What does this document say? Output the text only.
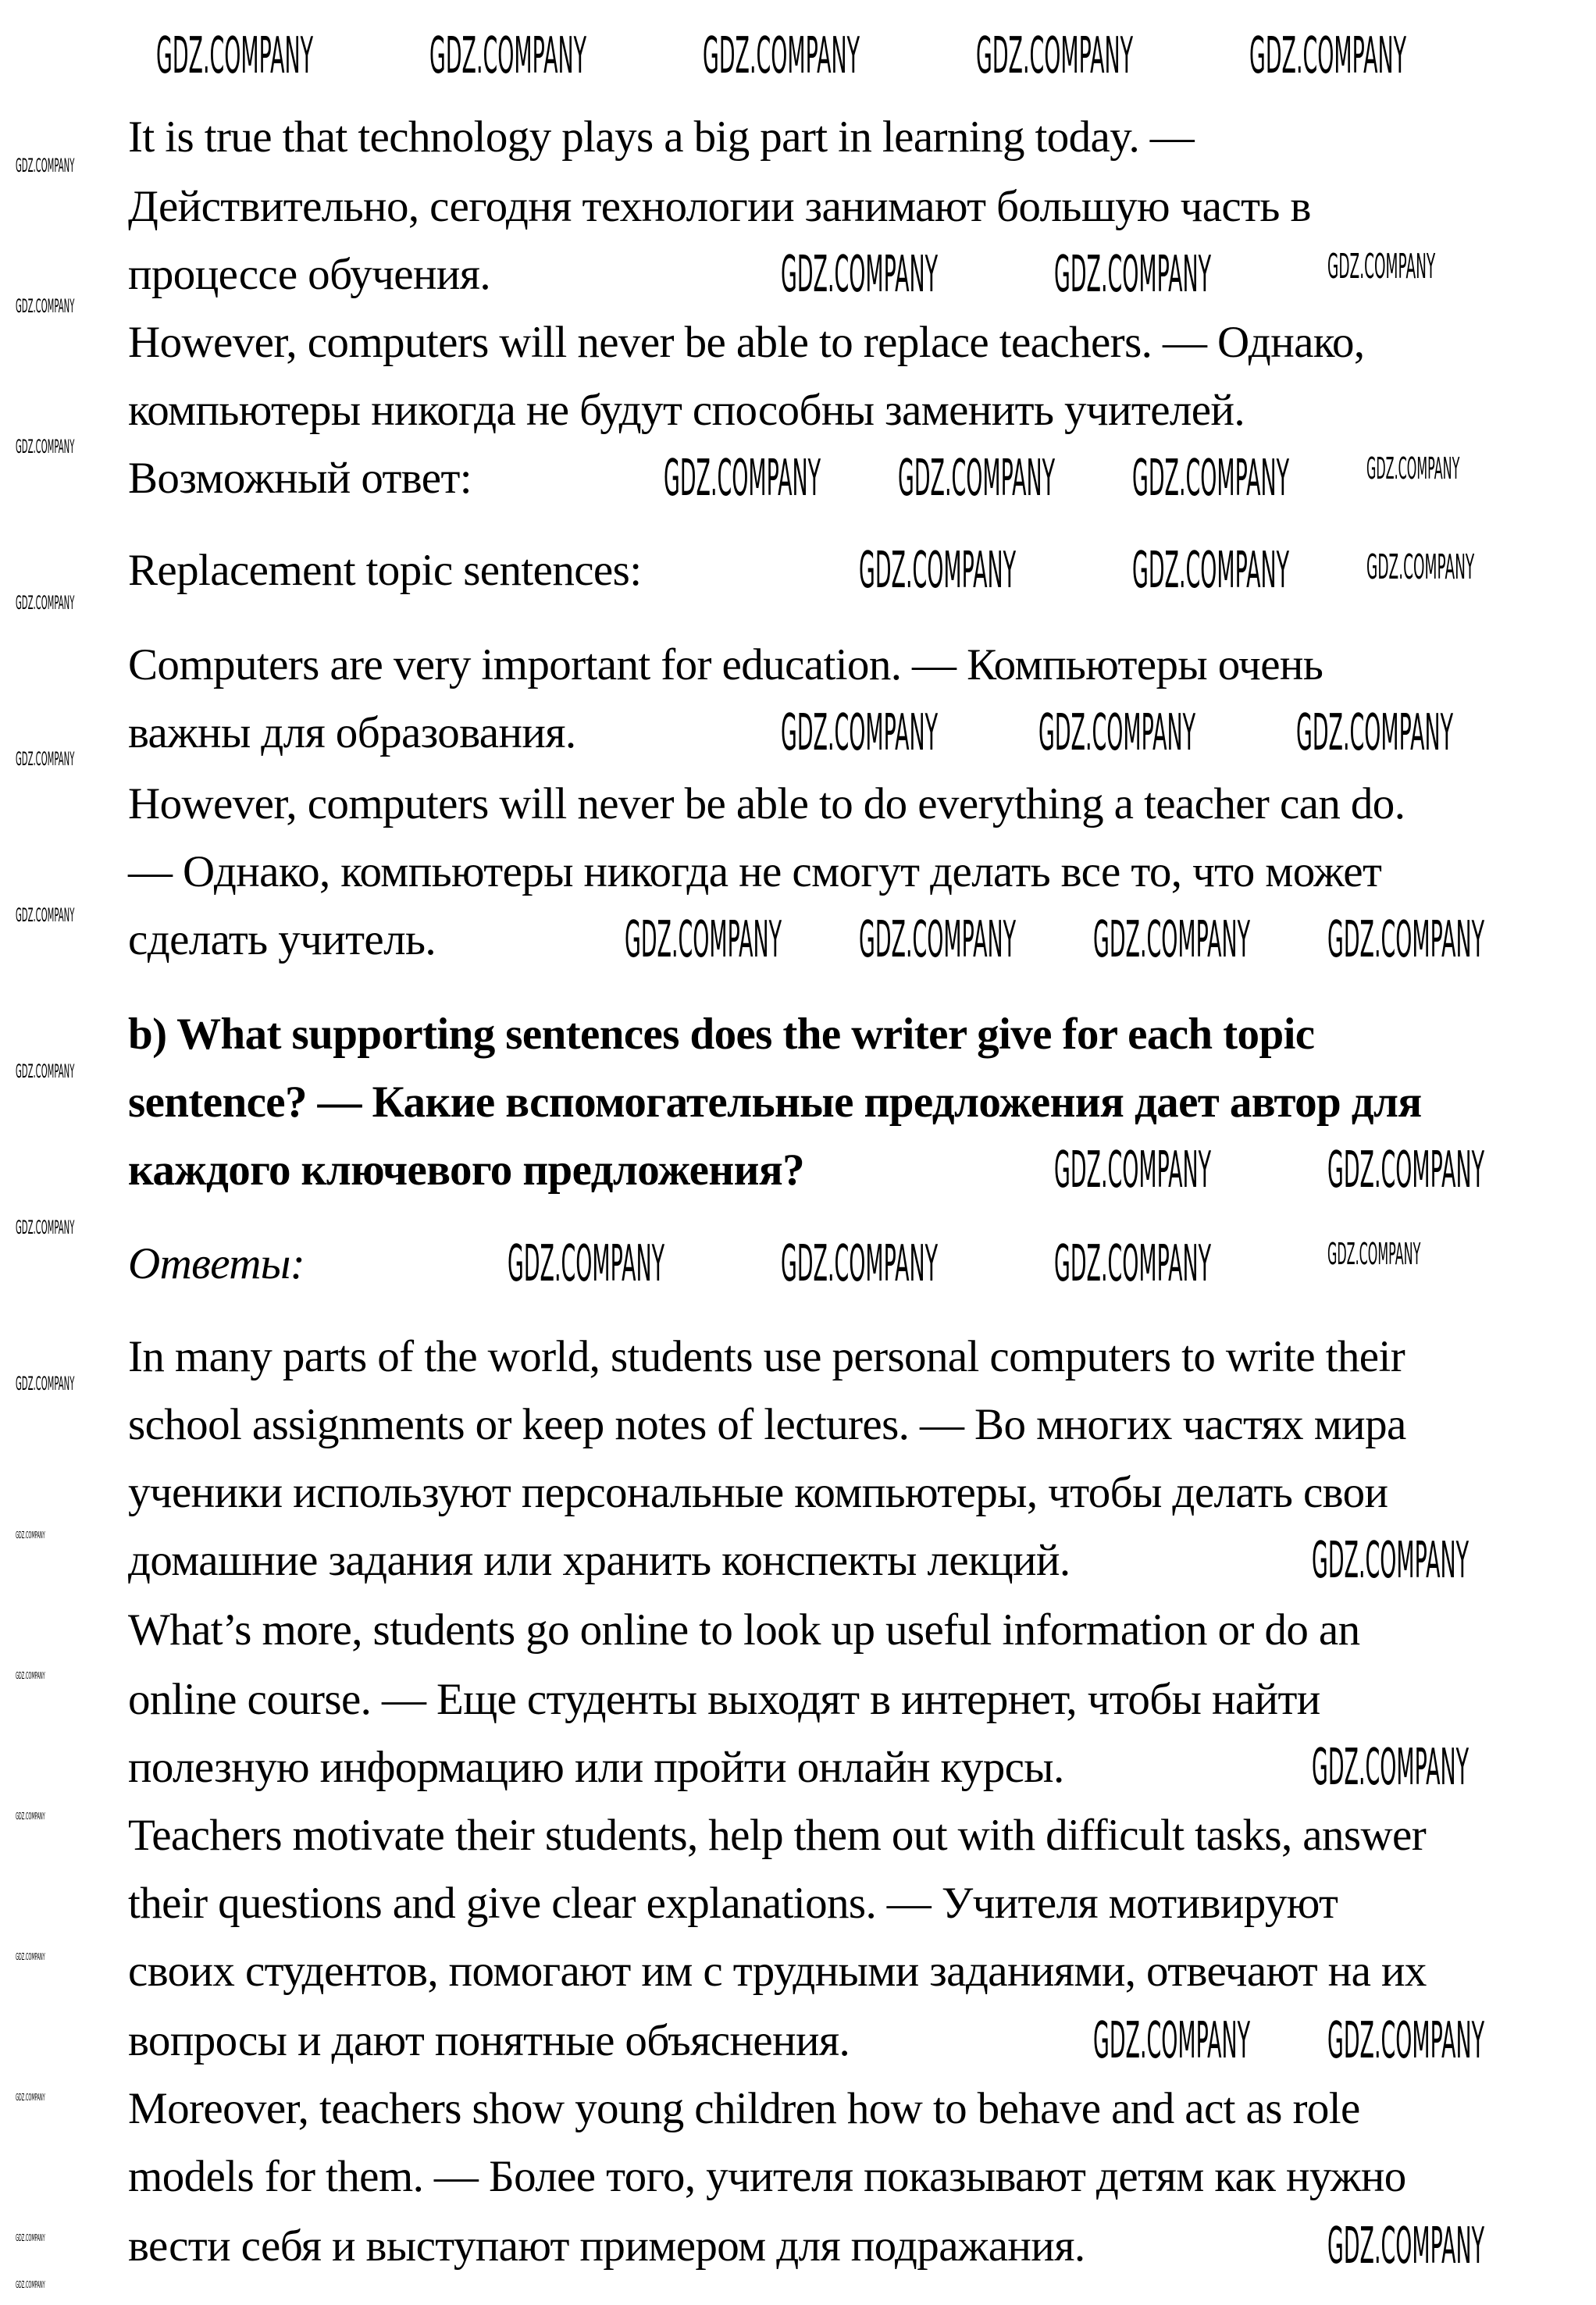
It is true that technology plays a big part in learning today. —
Действительно, сегодня технологии занимают большую часть в
процессе обучения.
However, computers will never be able to replace teachers. — Однако,
компьютеры никогда не будут способны заменить учителей.
Возможный ответ:
Replacement topic sentences:
Computers are very important for education. — Компьютеры очень
важны для образования.
However, computers will never be able to do everything a teacher can do.
— Однако, компьютеры никогда не смогут делать все то, что может
сделать учитель.
b) What supporting sentences does the writer give for each topic
sentence? — Какие вспомогательные предложения дает автор для
каждого ключевого предложения?
Ответы:
In many parts of the world, students use personal computers to write their
school assignments or keep notes of lectures. — Во многих частях мира
ученики используют персональные компьютеры, чтобы делать свои
домашние задания или хранить конспекты лекций.
What’s more, students go online to look up useful information or do an
online course. — Еще студенты выходят в интернет, чтобы найти
полезную информацию или пройти онлайн курсы.
Teachers motivate their students, help them out with difficult tasks, answer
their questions and give clear explanations. — Учителя мотивируют
своих студентов, помогают им с трудными заданиями, отвечают на их
вопросы и дают понятные объяснения.
Moreover, teachers show young children how to behave and act as role
models for them. — Более того, учителя показывают детям как нужно
вести себя и выступают примером для подражания.
GDZ.COMPANY GDZ.COMPANY GDZ.COMPANY GDZ.COMPANY GDZ.COMPANY
GDZ.COMPANY GDZ.COMPANY	GDZ.COMPANY
GDZ.COMPANY GDZ.COMPANY GDZ.COMPANY	GDZ.COMPANY
GDZ.COMPANY GDZ.COMPANY GDZ.COMPANY
GDZ.COMPANY GDZ.COMPANY GDZ.COMPANY
GDZ.COMPANY GDZ.COMPANY GDZ.COMPANY GDZ.COMPANY
GDZ.COMPANY GDZ.COMPANY
GDZ.COMPANY GDZ.COMPANY GDZ.COMPANY	GDZ.COMPANY
GDZ.COMPANY
GDZ.COMPANY
GDZ.COMPANY GDZ.COMPANY
GDZ.COMPANY
GDZ.COMPANY
GDZ.COMPANY
GDZ.COMPANY
GDZ.COMPANY
GDZ.COMPANY
GDZ.COMPANY
GDZ.COMPANY
GDZ.COMPANY
GDZ.COMPANY
GDZ.COMPANY
GDZ.COMPANY
GDZ.COMPANY
GDZ.COMPANY
GDZ.COMPANY
GDZ.COMPANY
GDZ.COMPANY
